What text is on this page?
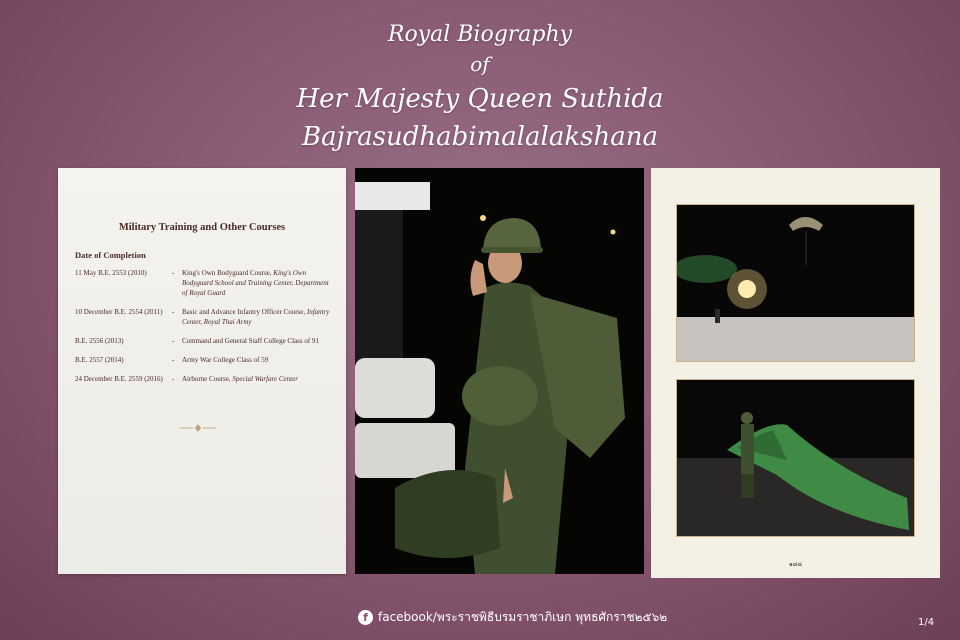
Royal Biography
of
Her Majesty Queen Suthida
Bajrasudhabimalalakshana
Military Training and Other Courses
Date of Completion
11 May B.E. 2553 (2010)	-	King's Own Bodyguard Course, King's Own Bodyguard School and Training Center, Department of Royal Guard
10 December B.E. 2554 (2011)	-	Basic and Advance Infantry Officer Course, Infantry Center, Royal Thai Army
B.E. 2556 (2013)	-	Command and General Staff College Class of 91
B.E. 2557 (2014)	-	Army War College Class of 59
24 December B.E. 2559 (2016)	-	Airborne Course, Special Warfare Center
๑๘๘
f facebook/พระราชพิธีบรมราชาภิเษก พุทธศักราช๒๕๖๒	1/4
